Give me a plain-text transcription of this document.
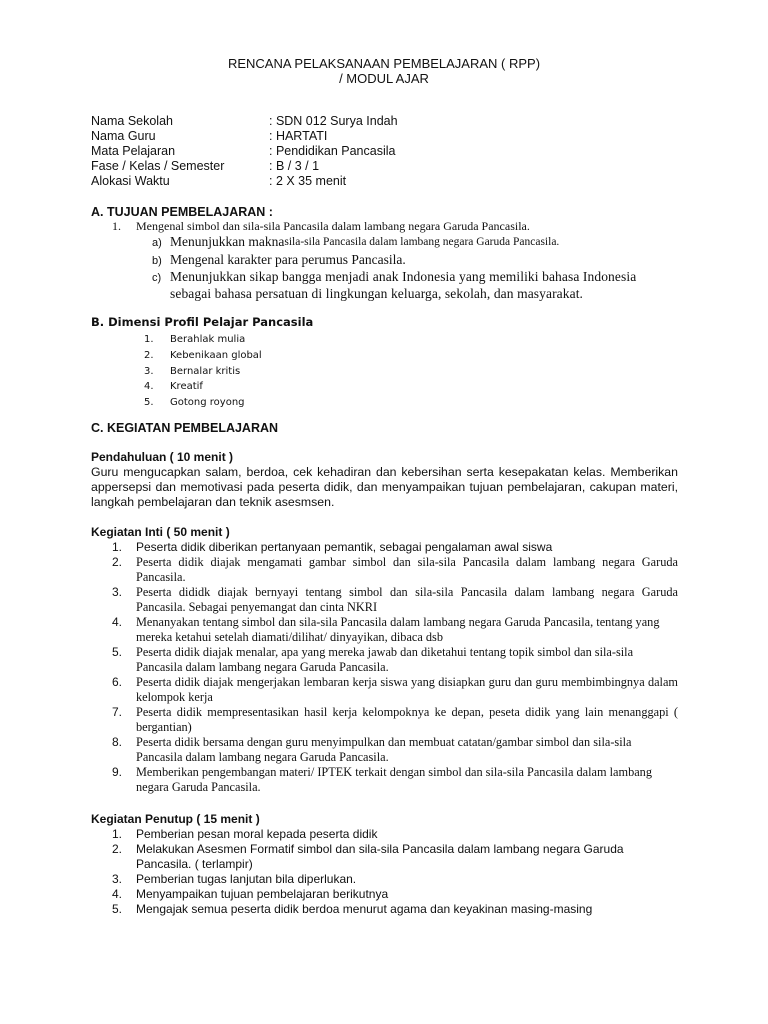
RENCANA PELAKSANAAN PEMBELAJARAN ( RPP)
/ MODUL AJAR
Nama Sekolah	: SDN 012 Surya Indah
Nama Guru	: HARTATI
Mata Pelajaran	: Pendidikan Pancasila
Fase / Kelas / Semester	: B / 3 / 1
Alokasi Waktu	: 2 X 35 menit
A. TUJUAN PEMBELAJARAN :
1. Mengenal simbol dan sila-sila Pancasila dalam lambang negara Garuda Pancasila.
a) Menunjukkan makna sila-sila Pancasila dalam lambang negara Garuda Pancasila.
b) Mengenal karakter para perumus Pancasila.
c) Menunjukkan sikap bangga menjadi anak Indonesia yang memiliki bahasa Indonesia sebagai bahasa persatuan di lingkungan keluarga, sekolah, dan masyarakat.
B. Dimensi Profil Pelajar Pancasila
1.	Berahlak mulia
2.	Kebenikaan global
3.	Bernalar kritis
4.	Kreatif
5.	Gotong royong
C. KEGIATAN PEMBELAJARAN
Pendahuluan ( 10 menit )

Guru mengucapkan salam, berdoa, cek kehadiran dan kebersihan serta kesepakatan kelas. Memberikan appersepsi dan memotivasi pada peserta didik, dan menyampaikan tujuan pembelajaran, cakupan materi, langkah pembelajaran dan teknik asesmsen.

Kegiatan Inti ( 50 menit )
1.	Peserta didik diberikan pertanyaan pemantik, sebagai pengalaman awal siswa
2.	Peserta didik diajak mengamati gambar simbol dan sila-sila Pancasila dalam lambang negara Garuda Pancasila.
3.	Peserta dididk diajak bernyayi tentang simbol dan sila-sila Pancasila dalam lambang negara Garuda Pancasila. Sebagai penyemangat dan cinta NKRI
4.	Menanyakan tentang simbol dan sila-sila Pancasila dalam lambang negara Garuda Pancasila, tentang yang mereka ketahui setelah diamati/dilihat/ dinyayikan, dibaca dsb
5.	Peserta didik diajak menalar, apa yang mereka jawab dan diketahui tentang topik simbol dan sila-sila Pancasila dalam lambang negara Garuda Pancasila.
6.	Peserta didik diajak mengerjakan lembaran kerja siswa yang disiapkan guru dan guru membimbingnya dalam kelompok kerja
7.	Peserta didik mempresentasikan hasil kerja kelompoknya ke depan, peseta didik yang lain menanggapi ( bergantian)
8.	Peserta didik bersama dengan guru menyimpulkan dan membuat catatan/gambar simbol dan sila-sila Pancasila dalam lambang negara Garuda Pancasila.
9.	Memberikan pengembangan materi/ IPTEK terkait dengan simbol dan sila-sila Pancasila dalam lambang negara Garuda Pancasila.
Kegiatan Penutup ( 15 menit )
1.	Pemberian pesan moral kepada peserta didik
2.	Melakukan Asesmen Formatif simbol dan sila-sila Pancasila dalam lambang negara Garuda Pancasila. ( terlampir)
3.	Pemberian tugas lanjutan bila diperlukan.
4.	Menyampaikan tujuan pembelajaran berikutnya
5.	Mengajak semua peserta didik berdoa menurut agama dan keyakinan masing-masing
